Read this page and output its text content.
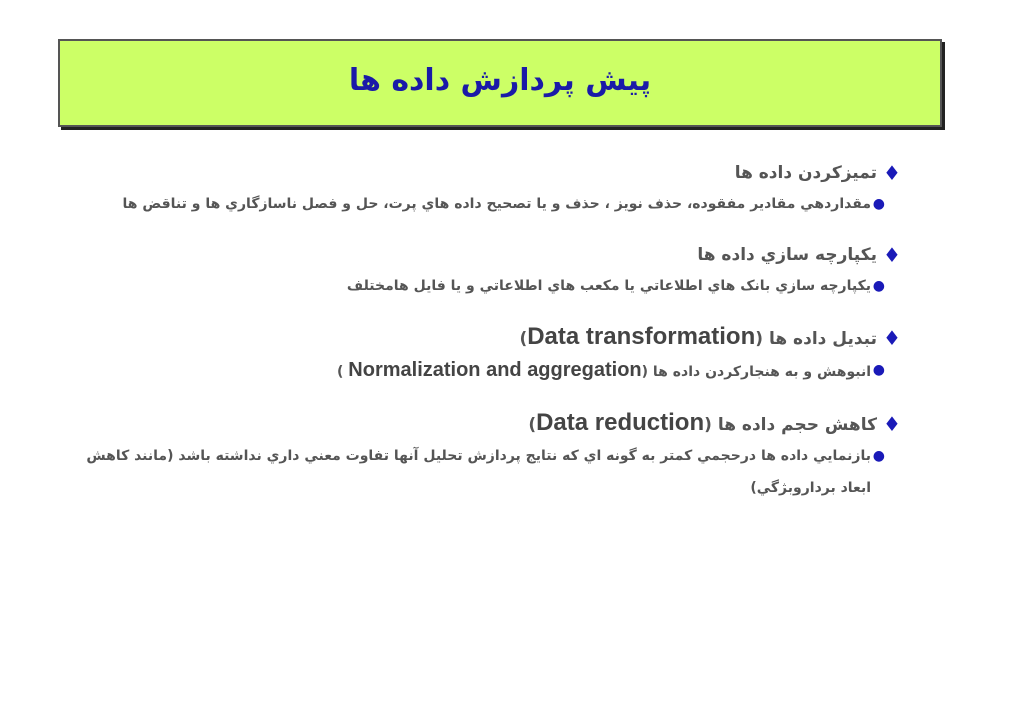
پيش پردازش داده ها
♦
تميزكردن داده ها
●
مقداردهي مقادير مفقوده، حذف نويز ، حذف و يا تصحيح داده هاي پرت، حل و فصل ناسازگاري ها و تناقض ها
♦
يكپارچه سازي داده ها
●
يكپارچه سازي بانک هاي اطلاعاتي يا مكعب هاي اطلاعاتي و يا فايل هامختلف
♦
تبديل داده ها (Data transformation)
●
انبوهش و به هنجاركردن داده ها (Normalization and aggregation )
♦
كاهش حجم داده ها (Data reduction)
●
بازنمايي داده ها درحجمي كمتر به گونه اي كه نتايج پردازش تحليل آنها تفاوت معني داري نداشته باشد (مانند كاهش ابعاد برداروبژگي)
